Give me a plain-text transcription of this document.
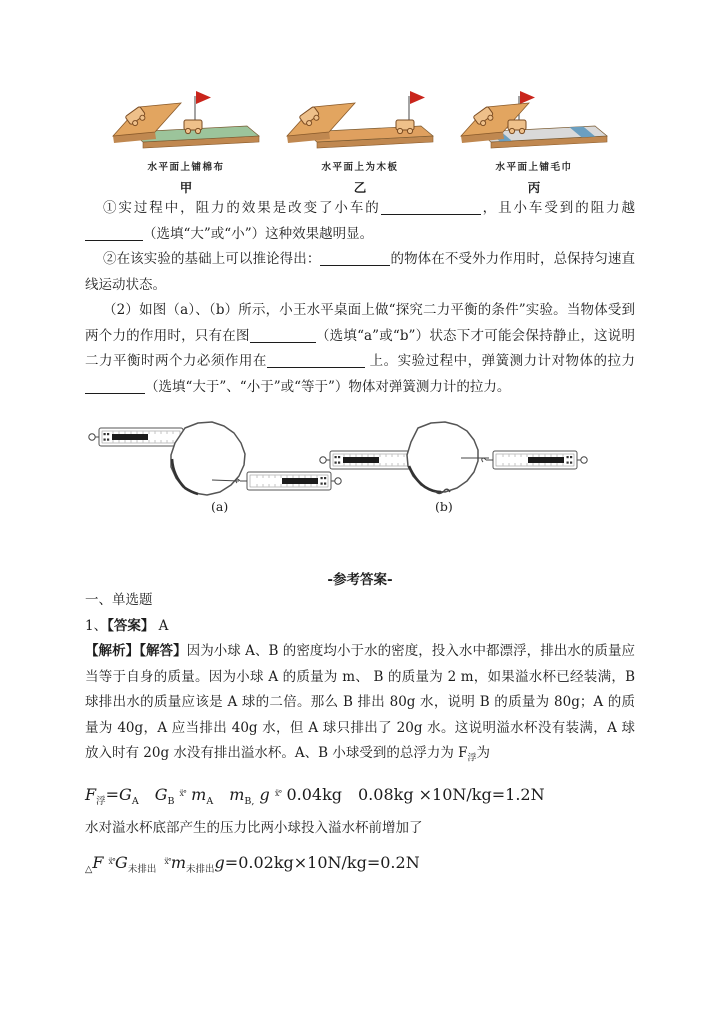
水平面上铺棉布
甲
水平面上为木板
乙
水平面上铺毛巾
丙

①实过程中，阻力的效果是改变了小车的	，且小车受到的阻力越（选填“大”或“小”）这种效果越明显。

②在该实验的基础上可以推论得出：	的物体在不受外力作用时，总保持匀速直线运动状态。

（2）如图（a）、（b）所示，小王水平桌面上做“探究二力平衡的条件”实验。当物体受到两个力的作用时，只有在图	（选填“a”或“b”）状态下才可能会保持静止，这说明二力平衡时两个力必须作用在	上。实验过程中，弹簧测力计对物体的拉力（选填“大于”、“小于”或“等于”）物体对弹簧测力计的拉力。

(a)	(b)
-参考答案-

一、单选题

1、【答案】 A

【解析】【解答】因为小球 A、B 的密度均小于水的密度，投入水中都漂浮，排出水的质量应当等于自身的质量。因为小球 A 的质量为 m、 B 的质量为 2 m，如果溢水杯已经装满，B 球排出水的质量应该是 A 球的二倍。那么 B 排出 80g 水，说明 B 的质量为 80g；A 的质量为 40g，A 应当排出 40g 水，但 A 球只排出了 20g 水。这说明溢水杯没有装满，A 球放入时有 20g 水没有排出溢水杯。A、B 小球受到的总浮力为 $F_浮$为

$F_浮=G_A$  $G_B$ $^{ẍ^\circ}$ $m_A$  $m_{B,}$ g $^{ẍ^\circ}$ 0.04kg  0.08kg ×10N/kg=1.2N

水对溢水杯底部产生的压力比两小球投入溢水杯前增加了

$_\triangle$F $^{ẍ^\circ}G_{未排出}$ $^{ẍ^\circ}m_{未排出}g=0.02kg\times 10N/kg=0.2N$
